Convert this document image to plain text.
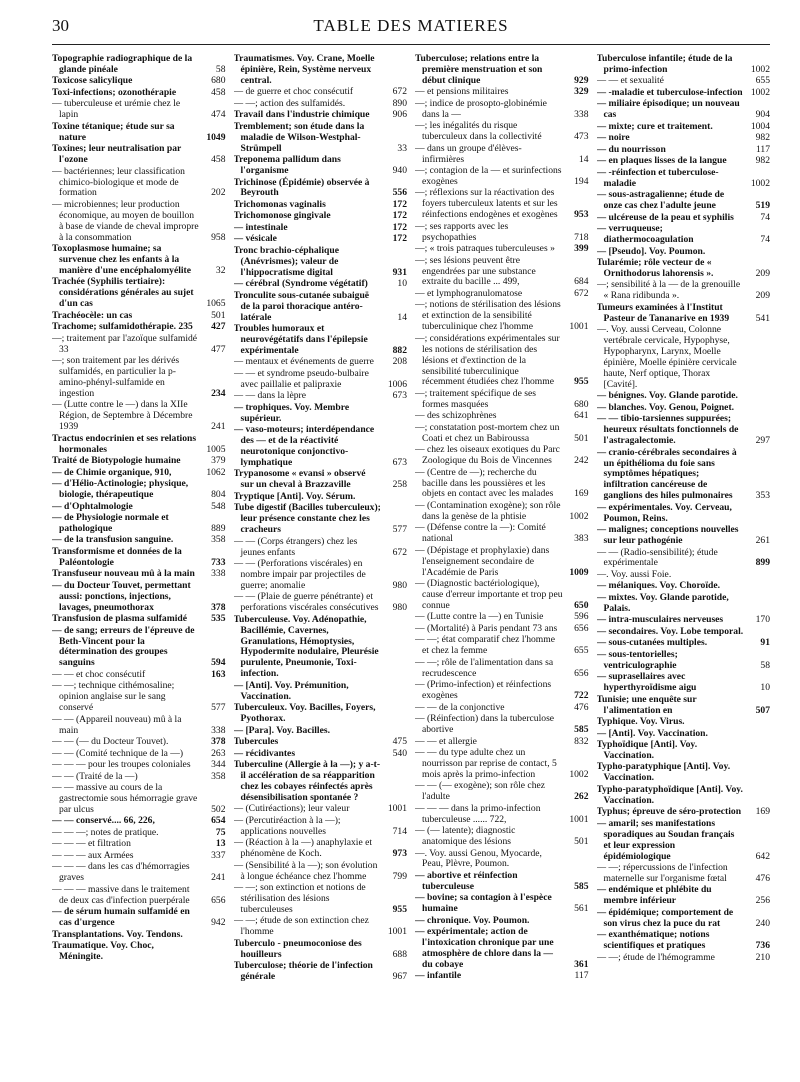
30	TABLE DES MATIERES
Topographie radiographique de la glande pinéale	58
Toxicose salicylique	680
Toxi-infections; ozonothérapie	458
— tuberculeuse et urémie chez le lapin	474
Toxine tétanique; étude sur sa nature	1049
Toxines; leur neutralisation par l'ozone	458
— bactériennes; leur classification chimico-biologique et mode de formation	202
— microbiennes; leur production économique, au moyen de bouillon à base de viande de cheval impropre à la consommation	958
Toxoplasmose humaine; sa survenue chez les enfants à la manière d'une encéphalomyélite	32
Trachée (Syphilis tertiaire): considérations générales au sujet d'un cas	1065
Trachéocèle: un cas	501
Trachome; sulfamidothérapie. 235	427
—; traitement par l'azoïque sulfamidé 33	477
—; son traitement par les dérivés sulfamidés, en particulier la p-amino-phényl-sulfamide en ingestion	234
— (Lutte contre le —) dans la XIIe Région, de Septembre à Décembre 1939	241
Tractus endocrinien et ses relations hormonales	1005
Traité de Biotypologie humaine	379
— de Chimie organique, 910,	1062
— d'Hélio-Actinologie; physique, biologie, thérapeutique	804
— d'Ophtalmologie	548
— de Physiologie normale et pathologique	889
— de la transfusion sanguine.	358
Transformisme et données de la Paléontologie	733
Transfuseur nouveau mû à la main	338
— du Docteur Touvet, permettant aussi: ponctions, injections, lavages, pneumothorax	378
Transfusion de plasma sulfamidé	535
— de sang; erreurs de l'épreuve de Beth-Vincent pour la détermination des groupes sanguins	594
— — et choc consécutif	163
— —; technique cithémosaline; opinion anglaise sur le sang conservé	577
— — (Appareil nouveau) mû à la main	338
— — (— du Docteur Touvet).	378
— — (Comité technique de la —)	263
— — — pour les troupes coloniales	344
— — (Traité de la —)	358
— — massive au cours de la gastrectomie sous hémorragie grave par ulcus	502
— — conservé.... 66, 226,	654
— — —; notes de pratique.	75
— — — et filtration	13
— — — aux Armées	337
— — — dans les cas d'hémorragies graves	241
— — — massive dans le traitement de deux cas d'infection puerpérale	656
— de sérum humain sulfamidé en cas d'urgence	942
Transplantations. Voy. Tendons.
Traumatique. Voy. Choc, Méningite.
Traumatismes. Voy. Crane, Moelle épinière, Rein, Système nerveux central.
— de guerre et choc consécutif	672
— —; action des sulfamidés.	890
Travail dans l'industrie chimique	906
Tremblement; son étude dans la maladie de Wilson-Westphal-Strümpell	33
Treponema pallidum dans l'organisme	940
Trichinose (Épidémie) observée à Beyrouth	556
Trichomonas vaginalis	172
Trichomonose gingivale	172
— intestinale	172
— vésicale	172
Tronc brachio-céphalique (Anévrismes); valeur de l'hippocratisme digital	931
— cérébral (Syndrome végétatif)	10
Tronculite sous-cutanée subaiguë de la paroi thoracique antéro-latérale	14
Troubles humoraux et neurovégétatifs dans l'épilepsie expérimentale	882
— mentaux et événements de guerre	208
— — et syndrome pseudo-bulbaire avec paillalie et palipraxie	1006
— — dans la lèpre	673
— trophiques. Voy. Membre supérieur.
— vaso-moteurs; interdépendance des — et de la réactivité neurotonique conjonctivo-lymphatique	673
Trypanosome « evansi » observé sur un cheval à Brazzaville	258
Tryptique [Anti]. Voy. Sérum.
Tube digestif (Bacilles tuberculeux); leur présence constante chez les cracheurs	577
— — (Corps étrangers) chez les jeunes enfants	672
— — (Perforations viscérales) en nombre impair par projectiles de guerre; anomalie	980
— — (Plaie de guerre pénétrante) et perforations viscérales consécutives	980
Tuberculeuse. Voy. Adénopathie, Bacillémie, Cavernes, Granulations, Hémoptysies, Hypodermite nodulaire, Pleurésie purulente, Pneumonie, Toxi-infection.
— [Anti]. Voy. Prémunition, Vaccination.
Tuberculeux. Voy. Bacilles, Foyers, Pyothorax.
— [Para]. Voy. Bacilles.
Tubercules	475
— récidivantes	540
Tuberculine (Allergie à la —); y a-t-il accélération de sa réapparition chez les cobayes réinfectés après désensibilisation spontanée ?
— (Cutiréactions); leur valeur	1001
— (Percutiréaction à la —); applications nouvelles	714
— (Réaction à la —) anaphylaxie et phénomène de Koch.	973
— (Sensibilité à la —); son évolution à longue échéance chez l'homme	799
— —; son extinction et notions de stérilisation des lésions tuberculeuses	955
— —; étude de son extinction chez l'homme	1001
Tuberculo - pneumoconiose des houilleurs	688
Tuberculose; théorie de l'infection générale	967
Tuberculose; relations entre la première menstruation et son début clinique	929
— et pensions militaires	329
—; indice de prosopto-globinémie dans la —	338
—; les inégalités du risque tuberculeux dans la collectivité	473
— dans un groupe d'élèves-infirmières	14
—; contagion de la — et surinfections exogènes	194
—; réflexions sur la réactivation des foyers tuberculeux latents et sur les réinfections endogènes et exogènes	953
—; ses rapports avec les psychopathies	718
—; « trois patraques tuberculeuses »	399
—; ses lésions peuvent être engendrées par une substance extraite du bacille ... 499,	684
— et lymphogranulomatose	672
—; notions de stérilisation des lésions et extinction de la sensibilité tuberculinique chez l'homme	1001
—; considérations expérimentales sur les notions de stérilisation des lésions et d'extinction de la sensibilité tuberculinique récemment étudiées chez l'homme	955
—; traitement spécifique de ses formes masquées	680
— des schizophrènes	641
—; constatation post-mortem chez un Coati et chez un Babiroussa	501
— chez les oiseaux exotiques du Parc Zoologique du Bois de Vincennes	242
— (Centre de —); recherche du bacille dans les poussières et les objets en contact avec les malades	169
— (Contamination exogène); son rôle dans la genèse de la phtisie	1002
— (Défense contre la —): Comité national	383
— (Dépistage et prophylaxie) dans l'enseignement secondaire de l'Académie de Paris	1009
— (Diagnostic bactériologique), cause d'erreur importante et trop peu connue	650
— (Lutte contre la —) en Tunisie	596
— (Mortalité) à Paris pendant 73 ans	656
— —; état comparatif chez l'homme et chez la femme	655
— —; rôle de l'alimentation dans sa recrudescence	656
— (Primo-infection) et réinfections exogènes	722
— — de la conjonctive	476
— (Réinfection) dans la tuberculose abortive	585
— — et allergie	832
— — du type adulte chez un nourrisson par reprise de contact, 5 mois après la primo-infection	1002
— — (— exogène); son rôle chez l'adulte	262
— — — dans la primo-infection tuberculeuse ...... 722,	1001
— (— latente); diagnostic anatomique des lésions	501
—. Voy. aussi Genou, Myocarde, Peau, Plèvre, Poumon.
— abortive et réinfection tuberculeuse	585
— bovine; sa contagion à l'espèce humaine	561
— chronique. Voy. Poumon.
— expérimentale; action de l'intoxication chronique par une atmosphère de chlore dans la — du cobaye	361
— infantile	117
Tuberculose infantile; étude de la primo-infection	1002
— — et sexualité	655
— -maladie et tuberculose-infection 1002
— miliaire épisodique; un nouveau cas	904
— mixte; cure et traitement.	1004
— noire	982
— du nourrisson	117
— en plaques lisses de la langue	982
— -réinfection et tuberculose-maladie	1002
— sous-astragalienne; étude de onze cas chez l'adulte jeune	519
— ulcéreuse de la peau et syphilis	74
— verruqueuse; diathermocoagulation	74
— [Pseudo]. Voy. Poumon.
Tularémie; rôle vecteur de « Ornithodorus lahorensis ».	209
—; sensibilité à la — de la grenouille « Rana ridibunda ».	209
Tumeurs examinées à l'Institut Pasteur de Tananarive en 1939	541
—. Voy. aussi Cerveau, Colonne vertébrale cervicale, Hypophyse, Hypopharynx, Larynx, Moelle épinière, Moelle épinière cervicale haute, Nerf optique, Thorax [Cavité].
— bénignes. Voy. Glande parotide.
— blanches. Voy. Genou, Poignet.
— — tibio-tarsiennes suppurées; heureux résultats fonctionnels de l'astragalectomie.	297
— cranio-cérébrales secondaires à un épithélioma du foie sans symptômes hépatiques; infiltration cancéreuse de ganglions des hiles pulmonaires	353
— expérimentales. Voy. Cerveau, Poumon, Reins.
— malignes; conceptions nouvelles sur leur pathogénie	261
— — (Radio-sensibilité); étude expérimentale	899
—. Voy. aussi Foie.
— mélaniques. Voy. Choroïde.
— mixtes. Voy. Glande parotide, Palais.
— intra-musculaires nerveuses	170
— secondaires. Voy. Lobe temporal.
— sous-cutanées multiples.	91
— sous-tentorielles; ventriculographie	58
— suprasellaires avec hyperthyroïdisme aigu	10
Tunisie; une enquête sur l'alimentation en	507
Typhique. Voy. Virus.
— [Anti]. Voy. Vaccination.
Typhoïdique [Anti]. Voy. Vaccination.
Typho-paratyphique [Anti]. Voy. Vaccination.
Typho-paratyphoïdique [Anti]. Voy. Vaccination.
Typhus; épreuve de séro-protection	169
— amaril; ses manifestations sporadiques au Soudan français et leur expression épidémiologique	642
— —; répercussions de l'infection maternelle sur l'organisme fœtal	476
— endémique et phlébite du membre inférieur	256
— épidémique; comportement de son virus chez la puce du rat	240
— exanthématique; notions scientifiques et pratiques	736
— —; étude de l'hémogramme	210
